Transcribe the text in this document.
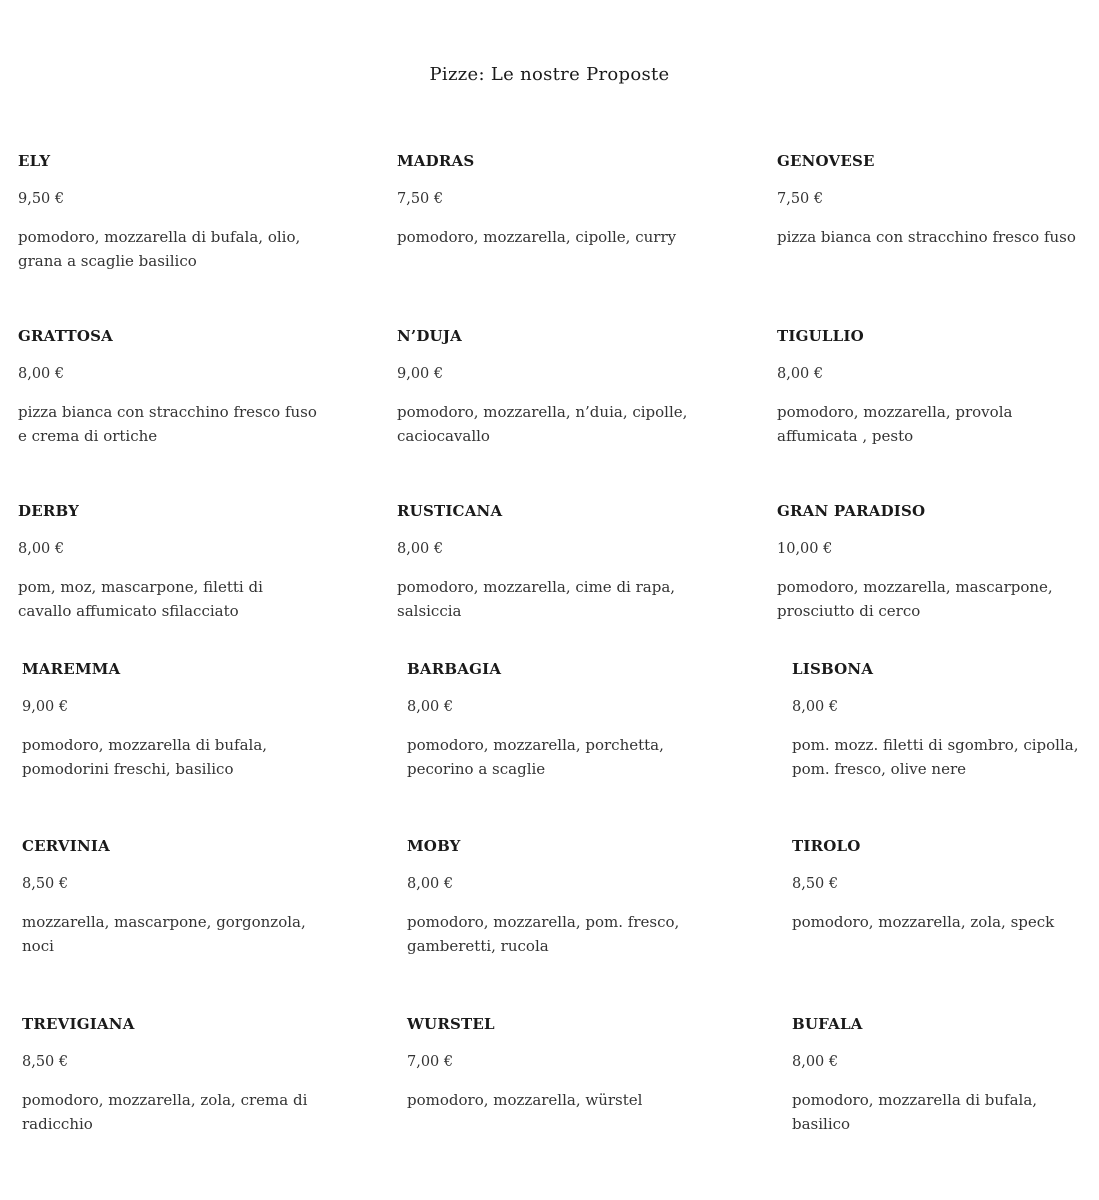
Pizze: Le nostre Proposte
ELY
9,50 €
pomodoro, mozzarella di bufala, olio, grana a scaglie basilico
MADRAS
7,50 €
pomodoro, mozzarella, cipolle, curry
GENOVESE
7,50 €
pizza bianca con stracchino fresco fuso
GRATTOSA
8,00 €
pizza bianca con stracchino fresco fuso e crema di ortiche
N’DUJA
9,00 €
pomodoro, mozzarella, n’duia, cipolle, caciocavallo
TIGULLIO
8,00 €
pomodoro, mozzarella, provola affumicata , pesto
DERBY
8,00 €
pom, moz, mascarpone, filetti di cavallo affumicato sfilacciato
RUSTICANA
8,00 €
pomodoro, mozzarella, cime di rapa, salsiccia
GRAN PARADISO
10,00 €
pomodoro, mozzarella, mascarpone, prosciutto di cerco
MAREMMA
9,00 €
pomodoro, mozzarella di bufala, pomodorini freschi, basilico
BARBAGIA
8,00 €
pomodoro, mozzarella, porchetta, pecorino a scaglie
LISBONA
8,00 €
pom. mozz. filetti di sgombro, cipolla, pom. fresco, olive nere
CERVINIA
8,50 €
mozzarella, mascarpone, gorgonzola, noci
MOBY
8,00 €
pomodoro, mozzarella, pom. fresco, gamberetti, rucola
TIROLO
8,50 €
pomodoro, mozzarella, zola, speck
TREVIGIANA
8,50 €
pomodoro, mozzarella, zola, crema di radicchio
WURSTEL
7,00 €
pomodoro, mozzarella, würstel
BUFALA
8,00 €
pomodoro, mozzarella di bufala, basilico
